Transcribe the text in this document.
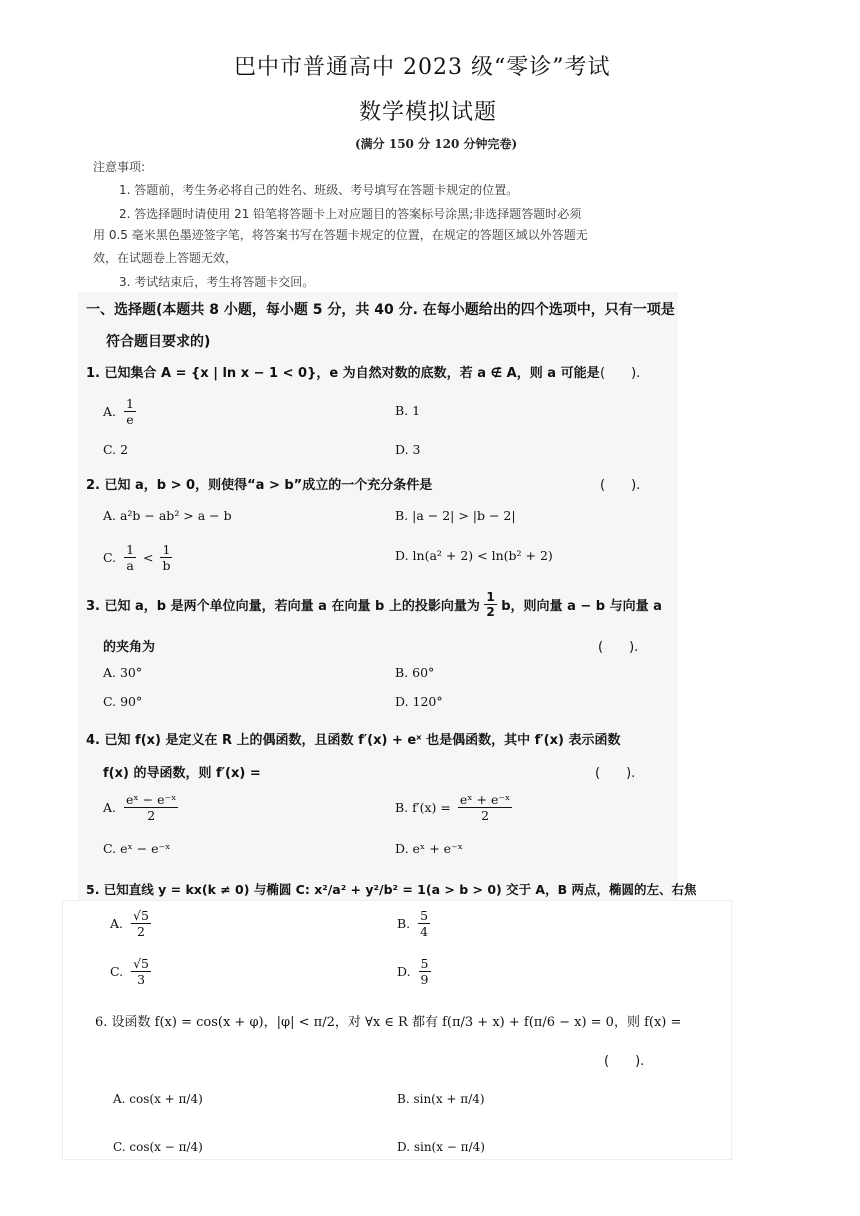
巴中市普通高中 2023 级“零诊”考试
数学模拟试题
(满分 150 分 120 分钟完卷)
注意事项:
1. 答题前，考生务必将自己的姓名、班级、考号填写在答题卡规定的位置。
2. 答选择题时请使用 21 铅笔将答题卡上对应题目的答案标号涂黑;非选择题答题时必须
用 0.5 毫米黑色墨迹签字笔，将答案书写在答题卡规定的位置，在规定的答题区域以外答题无
效，在试题卷上答题无效，
3. 考试结束后，考生将答题卡交回。
一、选择题(本题共 8 小题，每小题 5 分，共 40 分. 在每小题给出的四个选项中，只有一项是
符合题目要求的)
1. 已知集合 A = {x | ln x − 1 < 0}，e 为自然对数的底数，若 a ∉ A，则 a 可能是 (　　).
A. $\frac{1}{e}$	B. 1
C. 2	D. 3
2. 已知 a，b > 0，则使得“a > b”成立的一个充分条件是	(　　).
A. a²b − ab² > a − b	B. |a − 2| > |b − 2|
C. $\frac{1}{a} < \frac{1}{b}$	D. ln(a² + 2) < ln(b² + 2)
3. 已知 a，b 是两个单位向量，若向量 a 在向量 b 上的投影向量为 $\frac{1}{2}$ b，则向量 a − b 与向量 a
的夹角为	(　　).
A. 30°	B. 60°
C. 90°	D. 120°
4. 已知 f(x) 是定义在 R 上的偶函数，且函数 f′(x) + eˣ 也是偶函数，其中 f′(x) 表示函数
f(x) 的导函数，则 f′(x) =	(　　).
A. $\frac{\text{eˣ − e⁻ˣ}}{2}$	B. $f'(x) = \frac{\text{eˣ + e⁻ˣ}}{2}$
C. eˣ − e⁻ˣ	D. eˣ + e⁻ˣ
5. 已知直线 y = kx(k ≠ 0) 与椭圆 C: x²/a² + y²/b² = 1(a > b > 0) 交于 A，B 两点，椭圆的左、右焦
A. $\frac{√5}{2}$	B. $\frac{5}{4}$
C. $\frac{√5}{3}$	D. $\frac{5}{9}$
6. 设函数 f(x) = cos(x + φ)，|φ| < π/2，对 ∀x ∈ R 都有 f(π/3 + x) + f(π/6 − x) = 0，则 f(x) =
(　　).
A. cos(x + π/4)	B. sin(x + π/4)
C. cos(x − π/4)	D. sin(x − π/4)
